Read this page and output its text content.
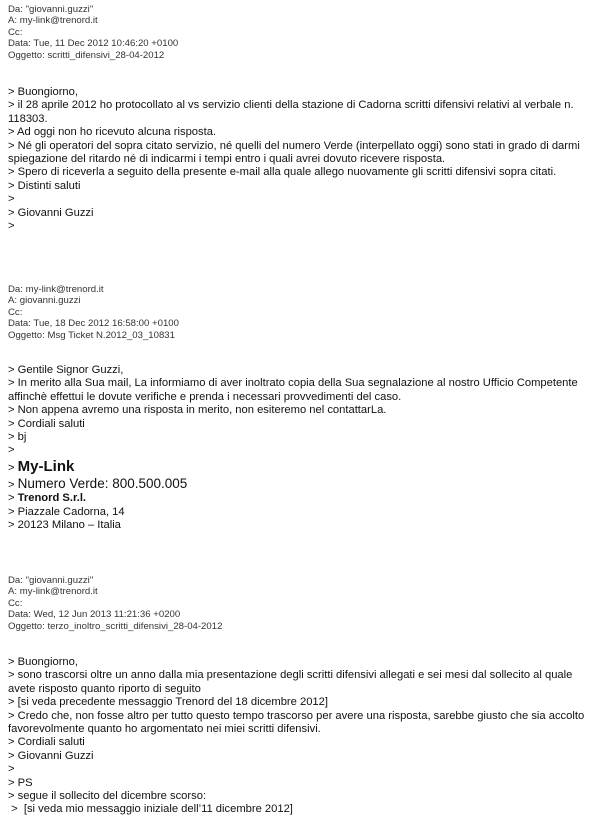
Da: "giovanni.guzzi"
A: my-link@trenord.it
Cc:
Data: Tue, 11 Dec 2012 10:46:20 +0100
Oggetto: scritti_difensivi_28-04-2012
> Buongiorno,
> il 28 aprile 2012 ho protocollato al vs servizio clienti della stazione di Cadorna scritti difensivi relativi al verbale n. 118303.
> Ad oggi non ho ricevuto alcuna risposta.
> Né gli operatori del sopra citato servizio, né quelli del numero Verde (interpellato oggi) sono stati in grado di darmi spiegazione del ritardo né di indicarmi i tempi entro i quali avrei dovuto ricevere risposta.
> Spero di riceverla a seguito della presente e-mail alla quale allego nuovamente gli scritti difensivi sopra citati.
> Distinti saluti
>
> Giovanni Guzzi
>
Da: my-link@trenord.it
A: giovanni.guzzi
Cc:
Data: Tue, 18 Dec 2012 16:58:00 +0100
Oggetto: Msg Ticket N.2012_03_10831
> Gentile Signor Guzzi,
> In merito alla Sua mail, La informiamo di aver inoltrato copia della Sua segnalazione al nostro Ufficio Competente affinchè effettui le dovute verifiche e prenda i necessari provvedimenti del caso.
> Non appena avremo una risposta in merito, non esiteremo nel contattarLa.
> Cordiali saluti
> bj
>
> My-Link
> Numero Verde: 800.500.005
> Trenord S.r.l.
> Piazzale Cadorna, 14
> 20123 Milano – Italia
Da: "giovanni.guzzi"
A: my-link@trenord.it
Cc:
Data: Wed, 12 Jun 2013 11:21:36 +0200
Oggetto: terzo_inoltro_scritti_difensivi_28-04-2012
> Buongiorno,
> sono trascorsi oltre un anno dalla mia presentazione degli scritti difensivi allegati e sei mesi dal sollecito al quale avete risposto quanto riporto di seguito
> [si veda precedente messaggio Trenord del 18 dicembre 2012]
> Credo che, non fosse altro per tutto questo tempo trascorso per avere una risposta, sarebbe giusto che sia accolto favorevolmente quanto ho argomentato nei miei scritti difensivi.
> Cordiali saluti
> Giovanni Guzzi
>
> PS
> segue il sollecito del dicembre scorso:
>  [si veda mio messaggio iniziale dell’11 dicembre 2012]
